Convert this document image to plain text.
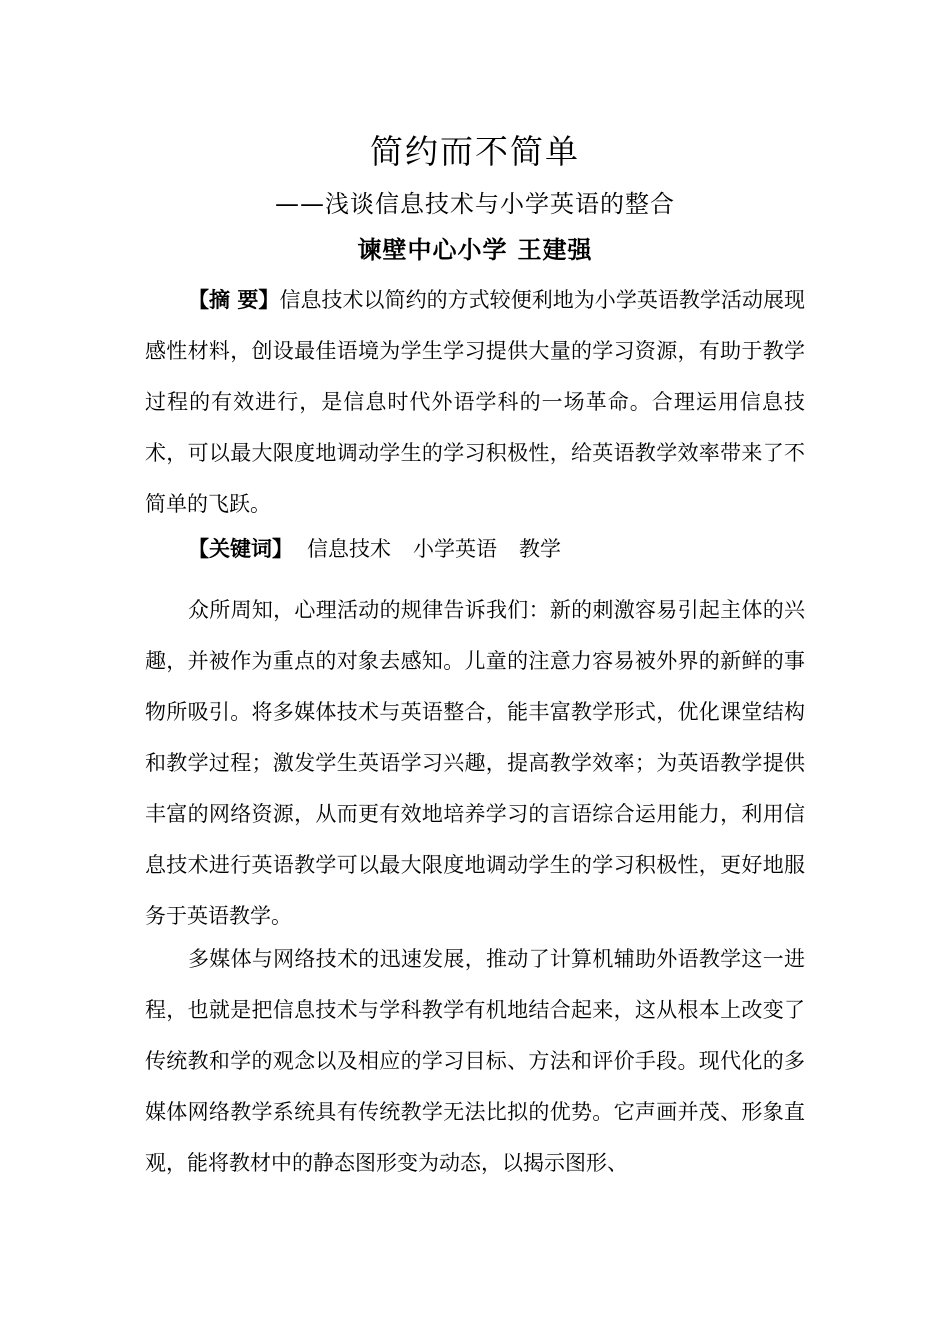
简约而不简单
——浅谈信息技术与小学英语的整合
谏壁中心小学 王建强

【摘 要】信息技术以简约的方式较便利地为小学英语教学活动展现感性材料，创设最佳语境为学生学习提供大量的学习资源，有助于教学过程的有效进行，是信息时代外语学科的一场革命。合理运用信息技术，可以最大限度地调动学生的学习积极性，给英语教学效率带来了不简单的飞跃。

【关键词】 信息技术 小学英语 教学

众所周知，心理活动的规律告诉我们：新的刺激容易引起主体的兴趣，并被作为重点的对象去感知。儿童的注意力容易被外界的新鲜的事物所吸引。将多媒体技术与英语整合，能丰富教学形式，优化课堂结构和教学过程；激发学生英语学习兴趣，提高教学效率；为英语教学提供丰富的网络资源，从而更有效地培养学习的言语综合运用能力，利用信息技术进行英语教学可以最大限度地调动学生的学习积极性，更好地服务于英语教学。

多媒体与网络技术的迅速发展，推动了计算机辅助外语教学这一进程，也就是把信息技术与学科教学有机地结合起来，这从根本上改变了传统教和学的观念以及相应的学习目标、方法和评价手段。现代化的多媒体网络教学系统具有传统教学无法比拟的优势。它声画并茂、形象直观，能将教材中的静态图形变为动态，以揭示图形、
